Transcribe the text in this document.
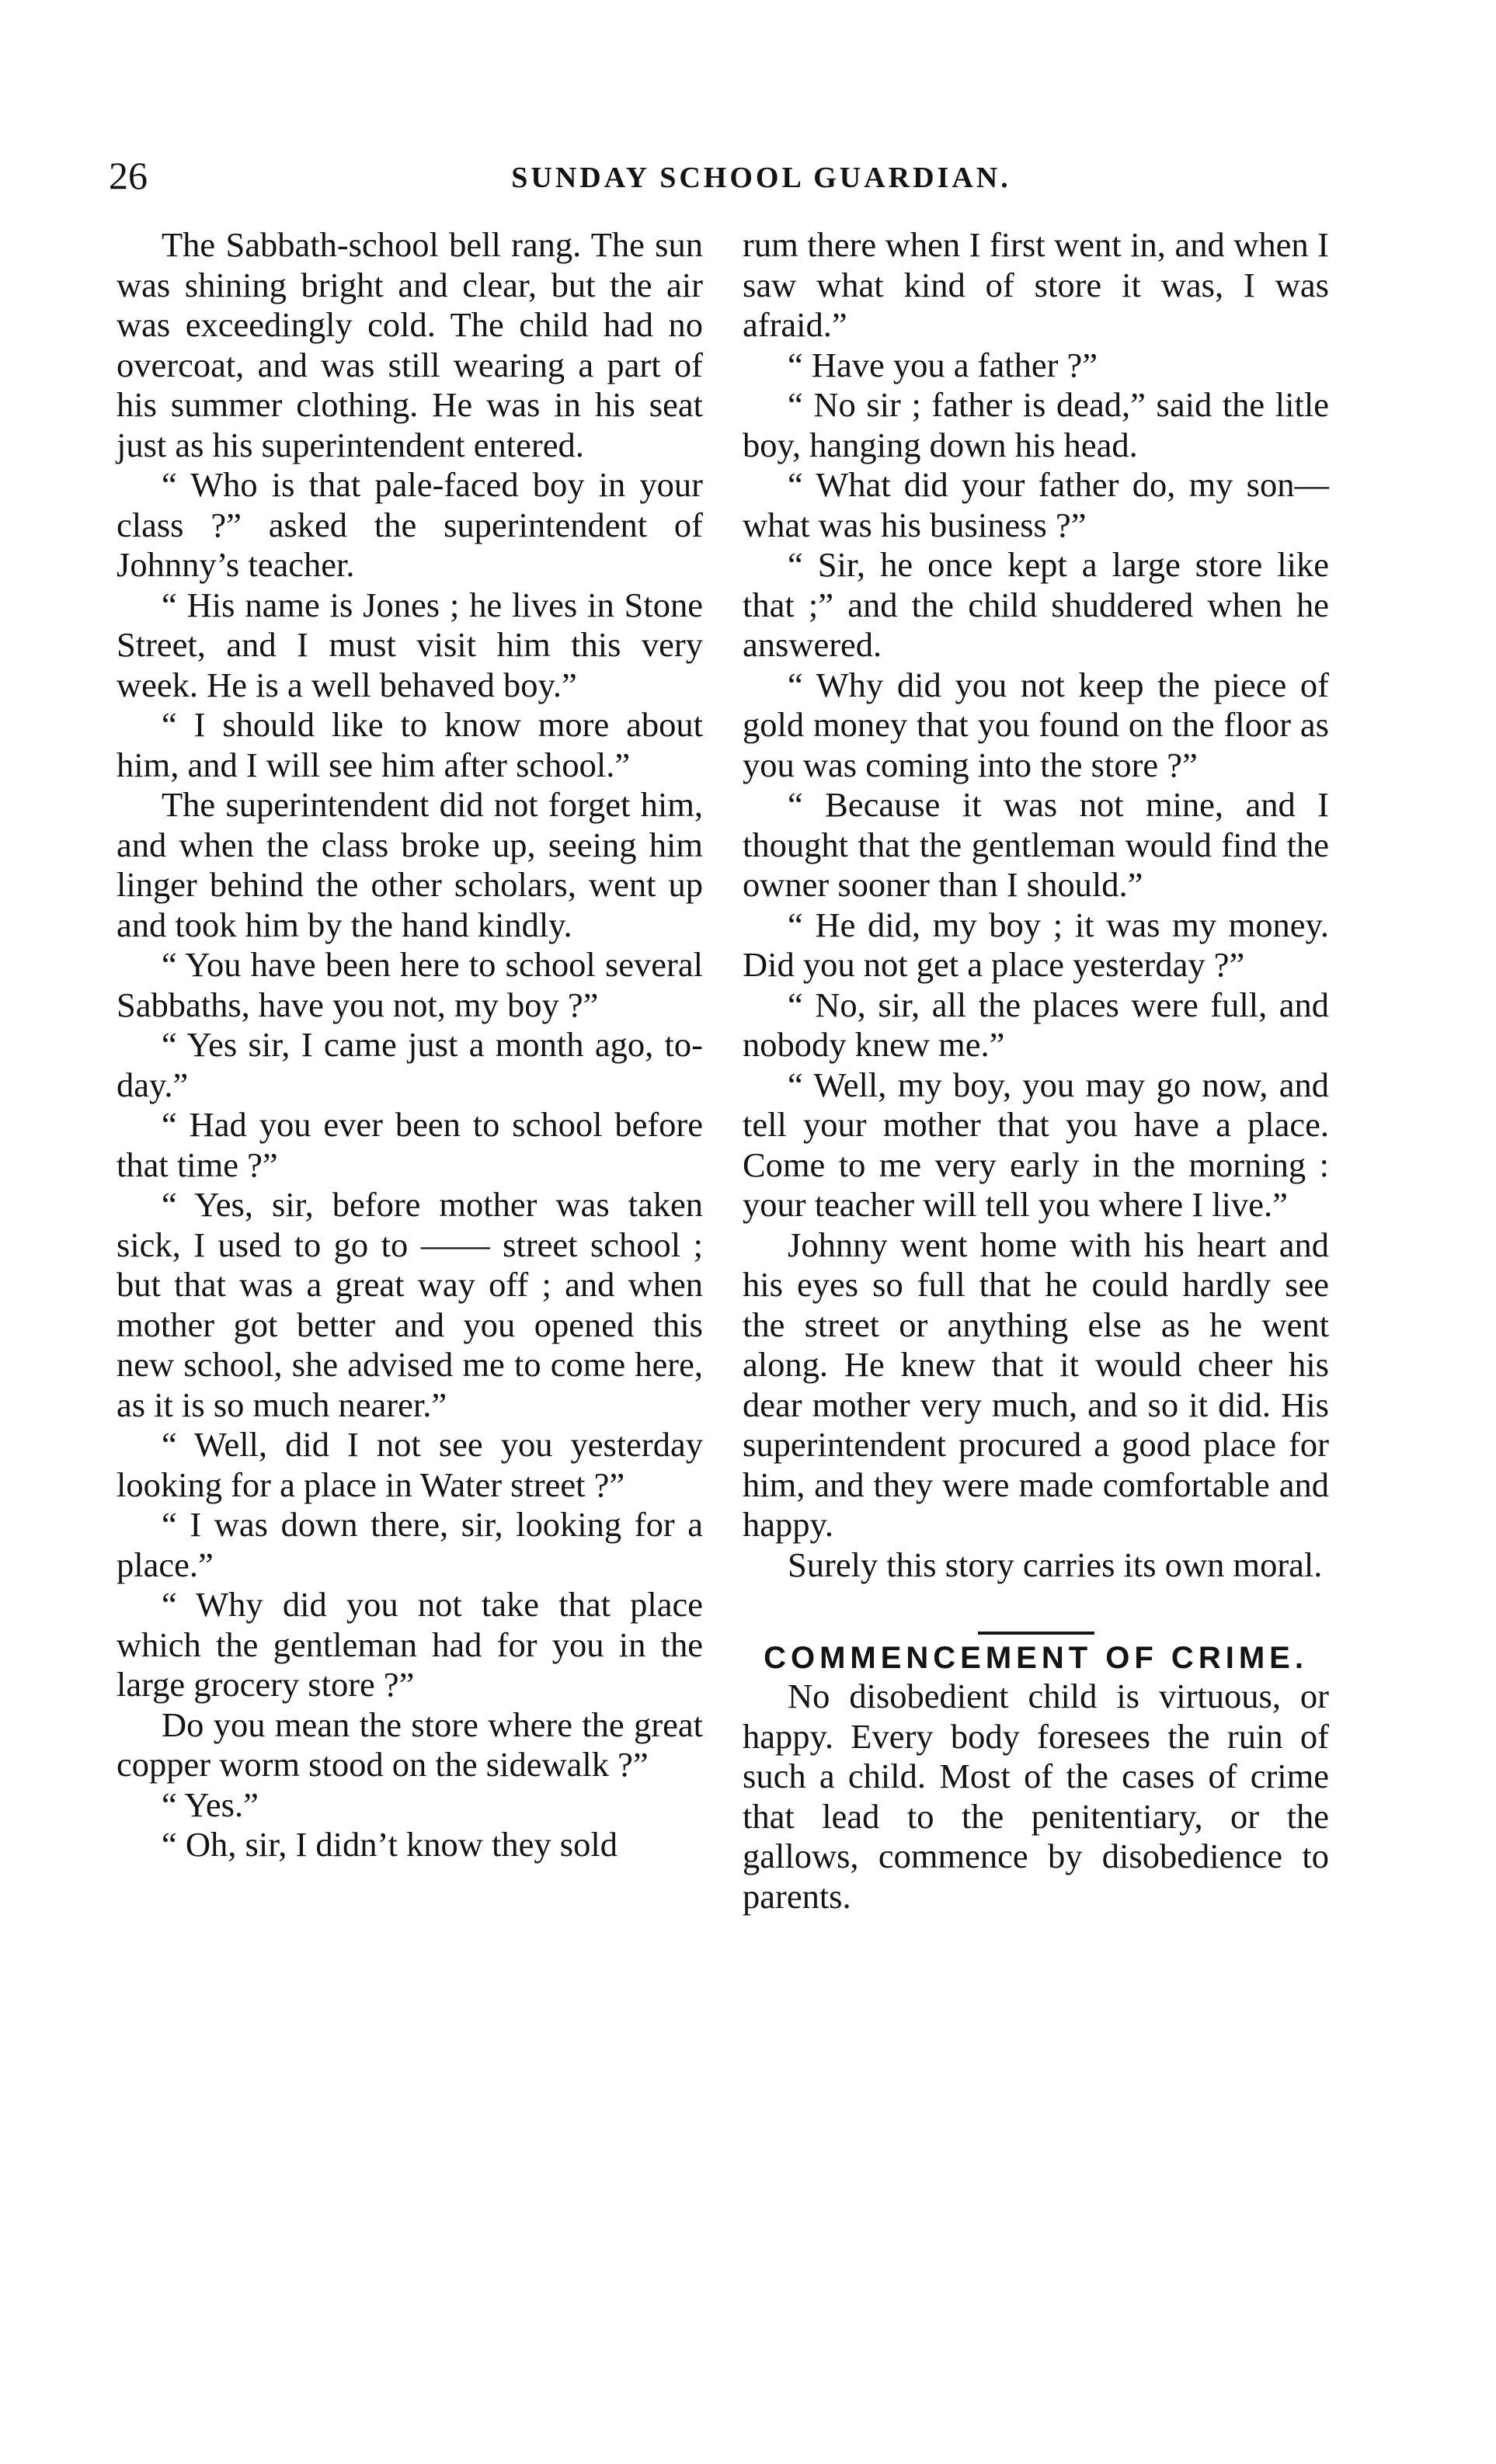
26	SUNDAY SCHOOL GUARDIAN.

The Sabbath-school bell rang. The sun was shining bright and clear, but the air was exceedingly cold. The child had no overcoat, and was still wearing a part of his summer clothing. He was in his seat just as his superintendent entered.

“ Who is that pale-faced boy in your class ?” asked the superintendent of Johnny’s teacher.

“ His name is Jones ; he lives in Stone Street, and I must visit him this very week. He is a well behaved boy.”

“ I should like to know more about him, and I will see him after school.”

The superintendent did not forget him, and when the class broke up, seeing him linger behind the other scholars, went up and took him by the hand kindly.

“ You have been here to school several Sabbaths, have you not, my boy ?”

“ Yes sir, I came just a month ago, to-day.”

“ Had you ever been to school before that time ?”

“ Yes, sir, before mother was taken sick, I used to go to —— street school ; but that was a great way off ; and when mother got better and you opened this new school, she advised me to come here, as it is so much nearer.”

“ Well, did I not see you yesterday looking for a place in Water street ?”

“ I was down there, sir, looking for a place.”

“ Why did you not take that place which the gentleman had for you in the large grocery store ?”

Do you mean the store where the great copper worm stood on the sidewalk ?”

“ Yes.”

“ Oh, sir, I didn’t know they sold

rum there when I first went in, and when I saw what kind of store it was, I was afraid.”

“ Have you a father ?”

“ No sir ; father is dead,” said the litle boy, hanging down his head.

“ What did your father do, my son—what was his business ?”

“ Sir, he once kept a large store like that ;” and the child shuddered when he answered.

“ Why did you not keep the piece of gold money that you found on the floor as you was coming into the store ?”

“ Because it was not mine, and I thought that the gentleman would find the owner sooner than I should.”

“ He did, my boy ; it was my money. Did you not get a place yesterday ?”

“ No, sir, all the places were full, and nobody knew me.”

“ Well, my boy, you may go now, and tell your mother that you have a place. Come to me very early in the morning : your teacher will tell you where I live.”

Johnny went home with his heart and his eyes so full that he could hardly see the street or anything else as he went along. He knew that it would cheer his dear mother very much, and so it did. His superintendent procured a good place for him, and they were made comfortable and happy.

Surely this story carries its own moral.

COMMENCEMENT OF CRIME.

No disobedient child is virtuous, or happy. Every body foresees the ruin of such a child. Most of the cases of crime that lead to the penitentiary, or the gallows, commence by disobedience to parents.
